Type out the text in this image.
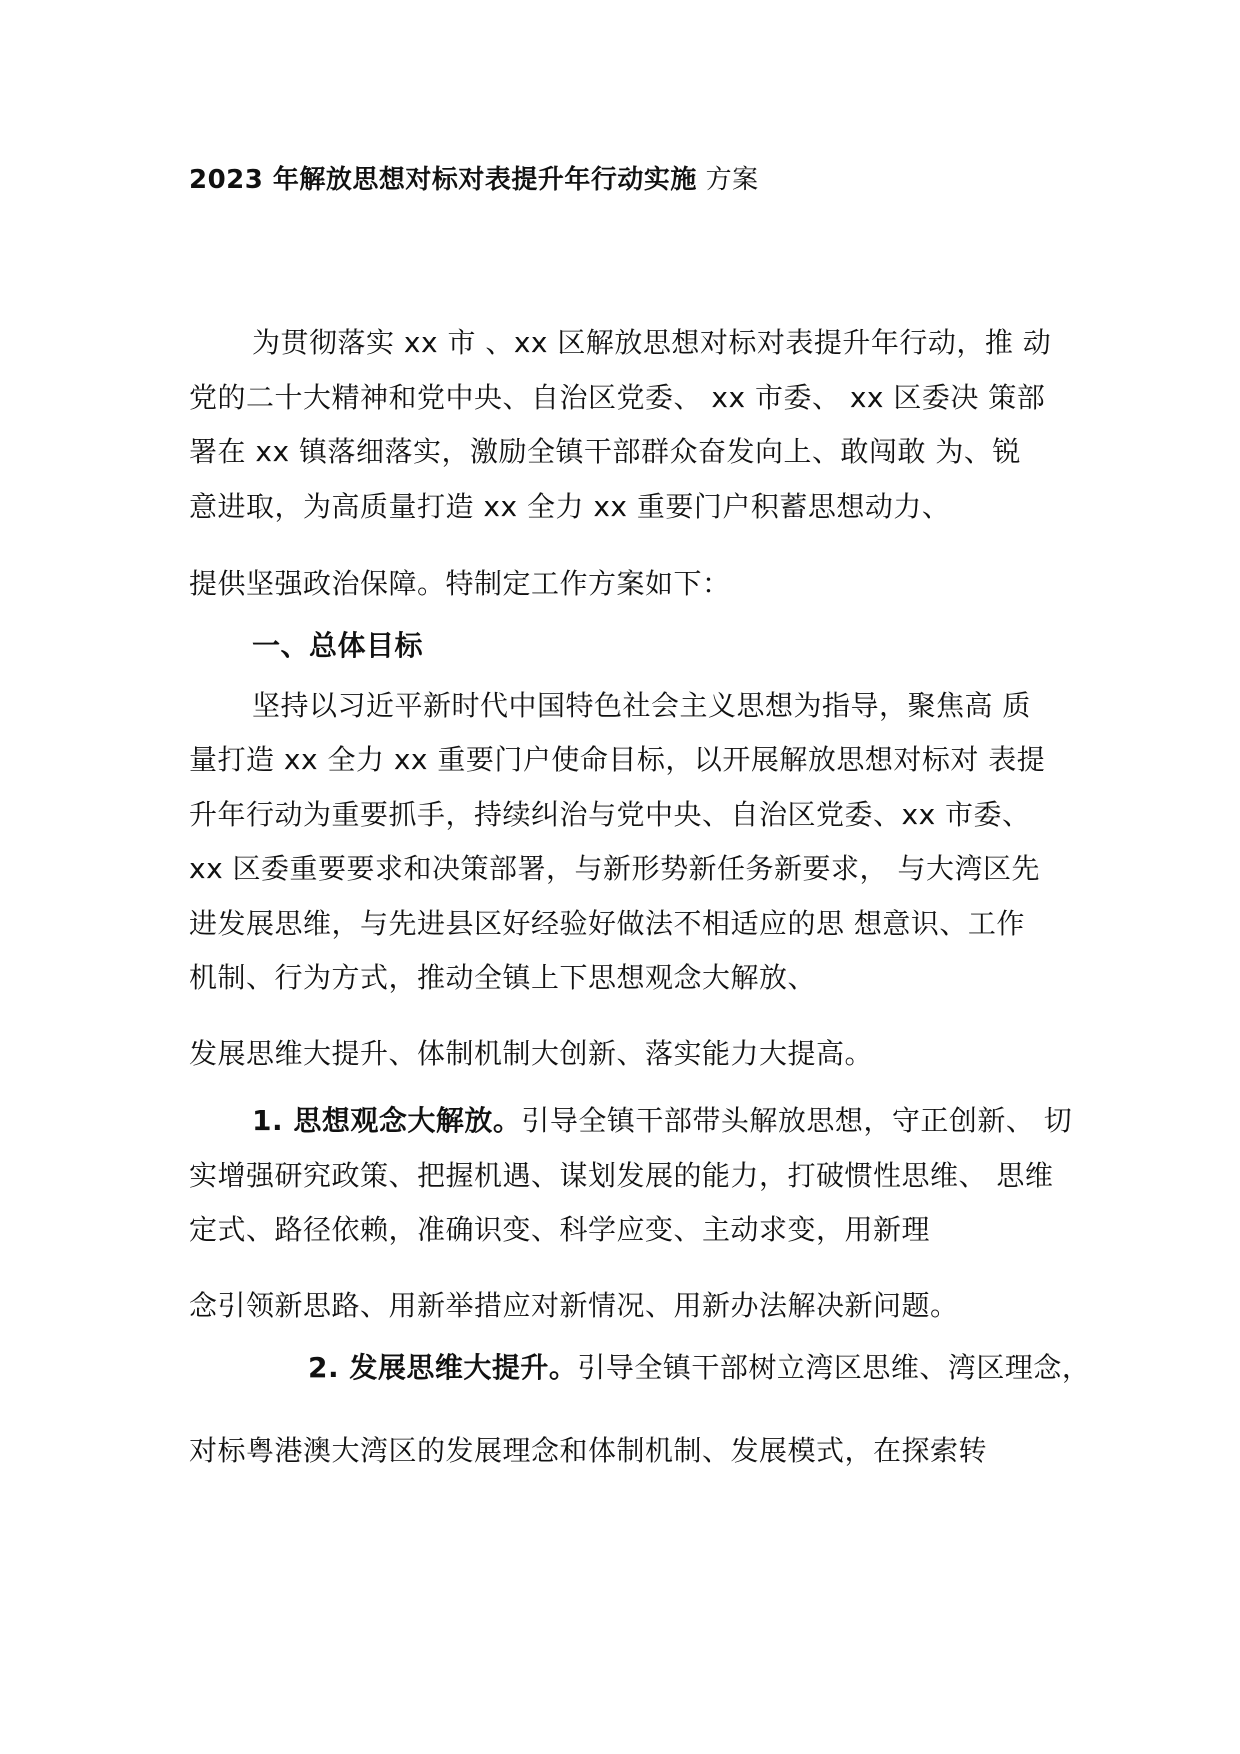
2023 年解放思想对标对表提升年行动实施 方案
为贯彻落实 xx 市 、xx 区解放思想对标对表提升年行动，推 动
党的二十大精神和党中央、自治区党委、 xx 市委、 xx 区委决 策部
署在 xx 镇落细落实，激励全镇干部群众奋发向上、敢闯敢 为、锐
意进取，为高质量打造 xx 全力 xx 重要门户积蓄思想动力、
提供坚强政治保障。特制定工作方案如下：
一、总体目标
坚持以习近平新时代中国特色社会主义思想为指导，聚焦高 质
量打造 xx 全力 xx 重要门户使命目标，以开展解放思想对标对 表提
升年行动为重要抓手，持续纠治与党中央、自治区党委、xx 市委、
xx 区委重要要求和决策部署，与新形势新任务新要求， 与大湾区先
进发展思维，与先进县区好经验好做法不相适应的思 想意识、工作
机制、行为方式，推动全镇上下思想观念大解放、
发展思维大提升、体制机制大创新、落实能力大提高。
1. 思想观念大解放。引导全镇干部带头解放思想，守正创新、 切
实增强研究政策、把握机遇、谋划发展的能力，打破惯性思维、 思维
定式、路径依赖，准确识变、科学应变、主动求变，用新理
念引领新思路、用新举措应对新情况、用新办法解决新问题。
2. 发展思维大提升。引导全镇干部树立湾区思维、湾区理念，
对标粤港澳大湾区的发展理念和体制机制、发展模式，在探索转
